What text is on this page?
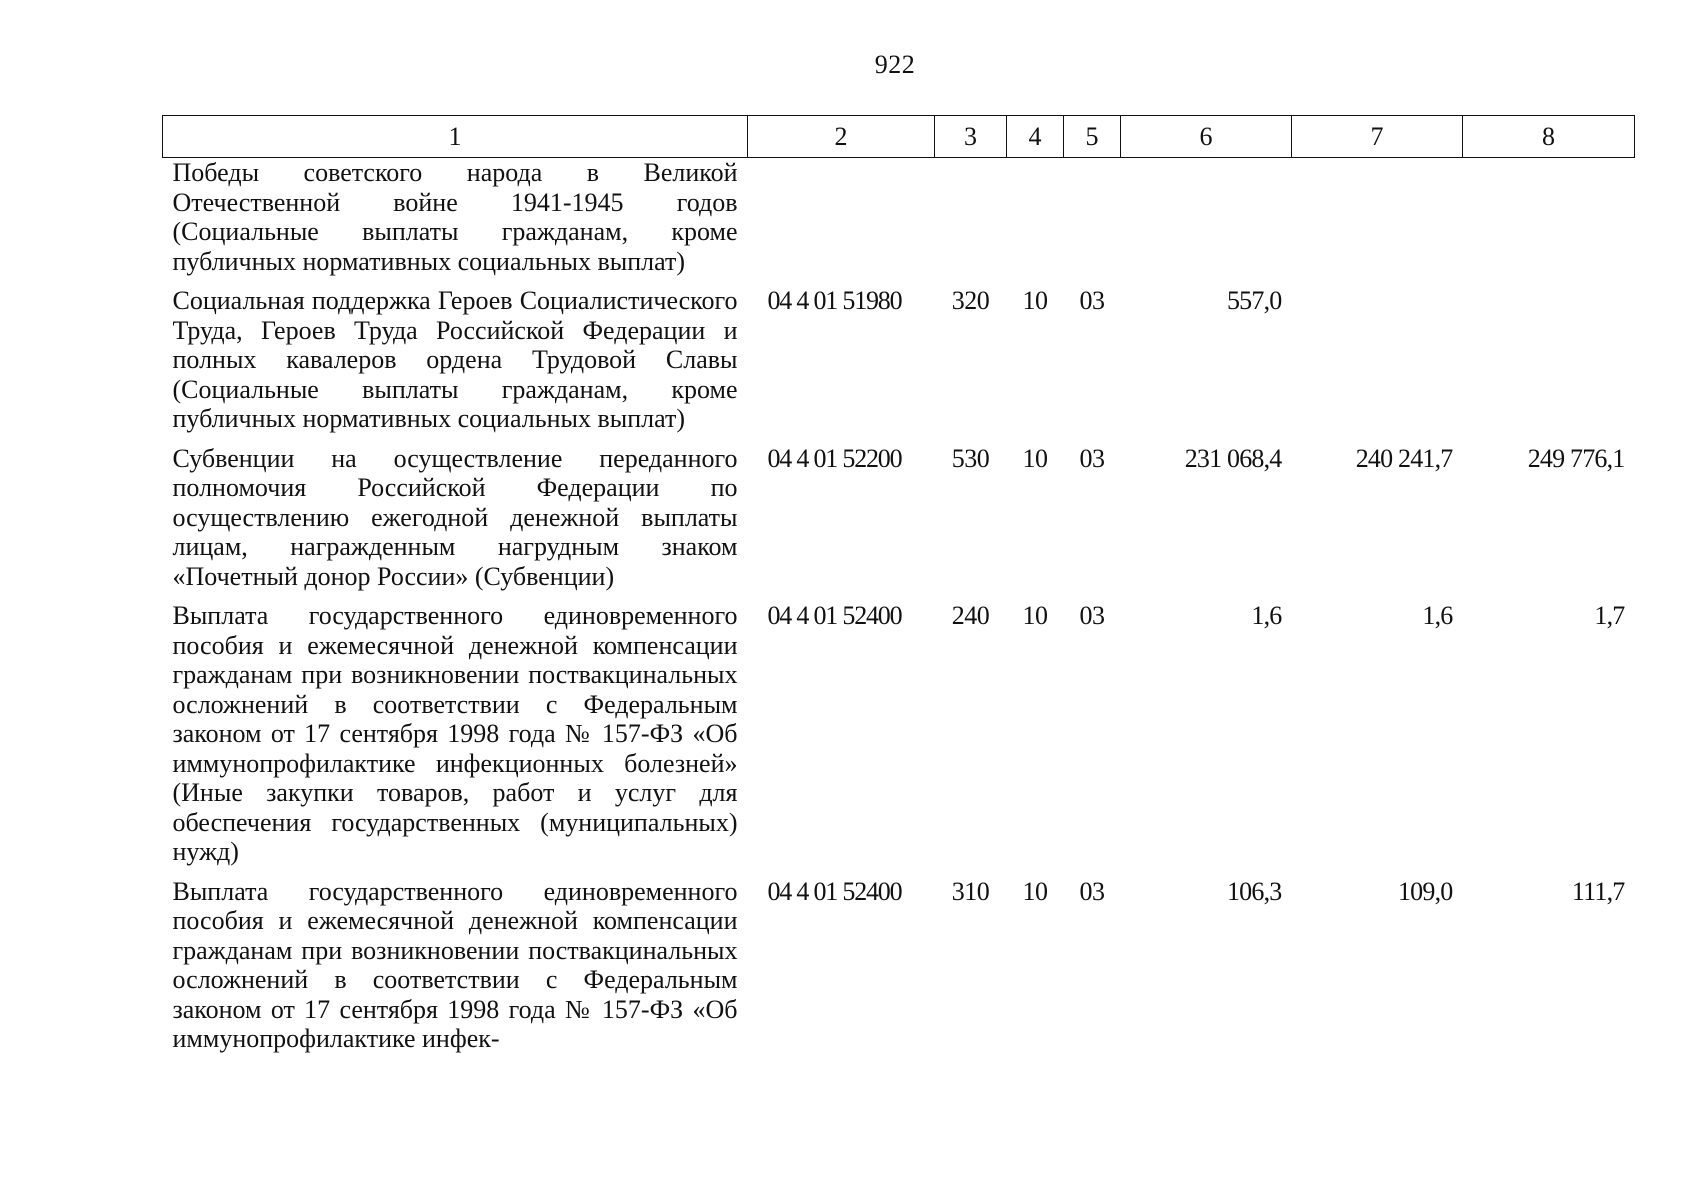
922
1	2	3	4	5	6	7	8
Победы советского народа в Великой Отечественной войне 1941-1945 годов (Социальные выплаты гражданам, кроме публичных нормативных социальных выплат)							
Социальная поддержка Героев Социалистического Труда, Героев Труда Российской Федерации и полных кавалеров ордена Трудовой Славы (Социальные выплаты гражданам, кроме публичных нормативных социальных выплат)	04 4 01 51980	320	10	03	557,0		
Субвенции на осуществление переданного полномочия Российской Федерации по осуществлению ежегодной денежной выплаты лицам, награжденным нагрудным знаком «Почетный донор России» (Субвенции)	04 4 01 52200	530	10	03	231 068,4	240 241,7	249 776,1
Выплата государственного единовременного пособия и ежемесячной денежной компенсации гражданам при возникновении поствакцинальных осложнений в соответствии с Федеральным законом от 17 сентября 1998 года № 157-ФЗ «Об иммунопрофилактике инфекционных болезней» (Иные закупки товаров, работ и услуг для обеспечения государственных (муниципальных) нужд)	04 4 01 52400	240	10	03	1,6	1,6	1,7
Выплата государственного единовременного пособия и ежемесячной денежной компенсации гражданам при возникновении поствакцинальных осложнений в соответствии с Федеральным законом от 17 сентября 1998 года № 157-ФЗ «Об иммунопрофилактике инфек-	04 4 01 52400	310	10	03	106,3	109,0	111,7
